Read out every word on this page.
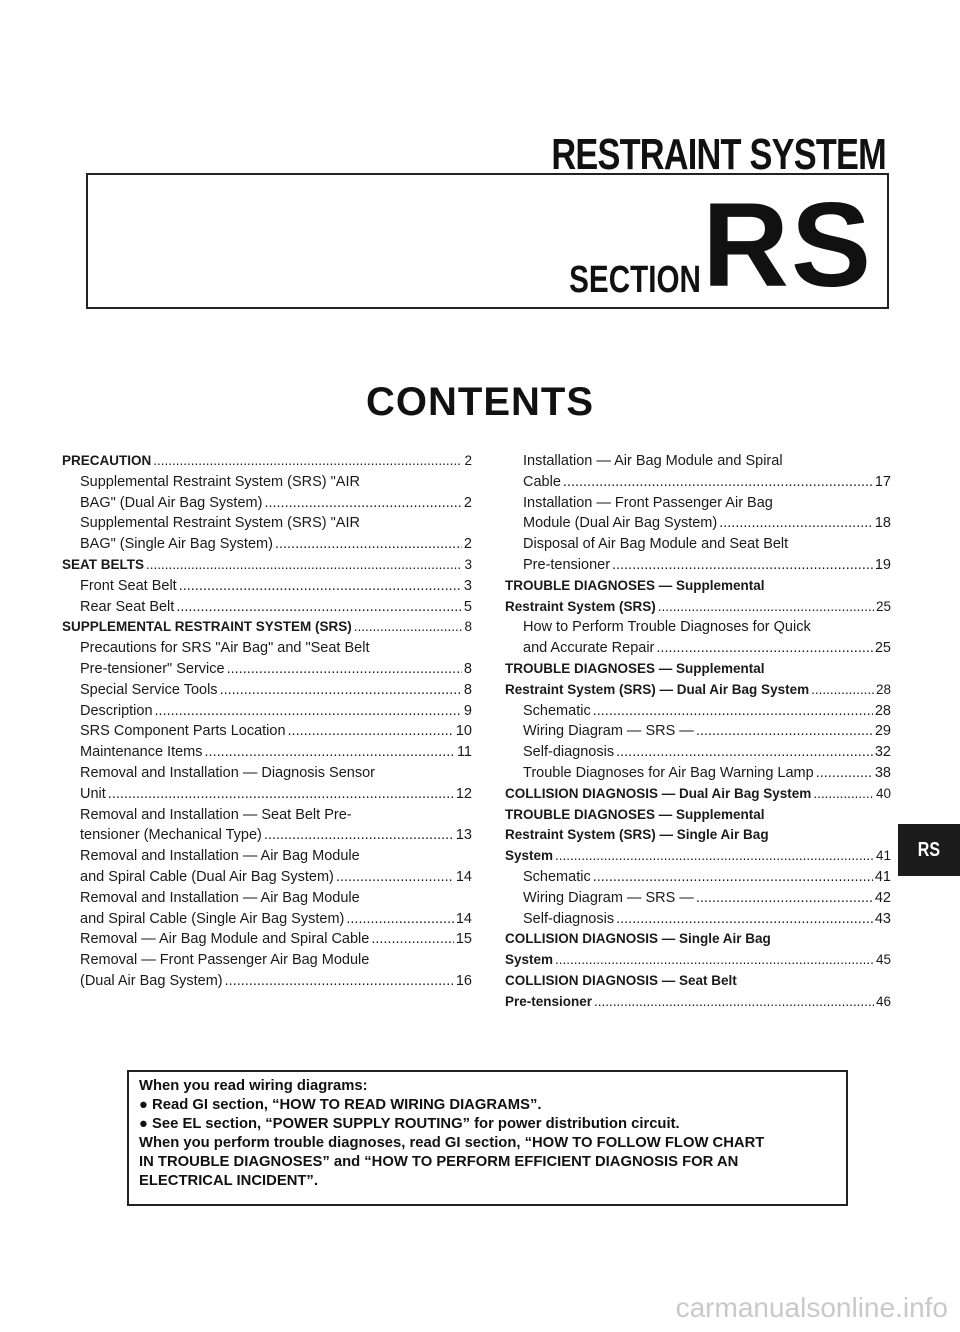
RESTRAINT SYSTEM
SECTION RS
CONTENTS
PRECAUTION .....	2
Supplemental Restraint System (SRS) "AIR
BAG" (Dual Air Bag System) .....	2
Supplemental Restraint System (SRS) "AIR
BAG" (Single Air Bag System) .....	2
SEAT BELTS .....	3
Front Seat Belt .....	3
Rear Seat Belt .....	5
SUPPLEMENTAL RESTRAINT SYSTEM (SRS) .....	8
Precautions for SRS "Air Bag" and "Seat Belt
Pre-tensioner" Service .....	8
Special Service Tools .....	8
Description .....	9
SRS Component Parts Location .....	10
Maintenance Items .....	11
Removal and Installation — Diagnosis Sensor
Unit .....	12
Removal and Installation — Seat Belt Pre-
tensioner (Mechanical Type) .....	13
Removal and Installation — Air Bag Module
and Spiral Cable (Dual Air Bag System) .....	14
Removal and Installation — Air Bag Module
and Spiral Cable (Single Air Bag System) .....	14
Removal — Air Bag Module and Spiral Cable .....	15
Removal — Front Passenger Air Bag Module
(Dual Air Bag System) .....	16
Installation — Air Bag Module and Spiral
Cable .....	17
Installation — Front Passenger Air Bag
Module (Dual Air Bag System) .....	18
Disposal of Air Bag Module and Seat Belt
Pre-tensioner .....	19
TROUBLE DIAGNOSES — Supplemental
Restraint System (SRS) .....	25
How to Perform Trouble Diagnoses for Quick
and Accurate Repair .....	25
TROUBLE DIAGNOSES — Supplemental
Restraint System (SRS) — Dual Air Bag System .....	28
Schematic .....	28
Wiring Diagram — SRS — .....	29
Self-diagnosis .....	32
Trouble Diagnoses for Air Bag Warning Lamp .....	38
COLLISION DIAGNOSIS — Dual Air Bag System .....	40
TROUBLE DIAGNOSES — Supplemental
Restraint System (SRS) — Single Air Bag
System .....	41
Schematic .....	41
Wiring Diagram — SRS — .....	42
Self-diagnosis .....	43
COLLISION DIAGNOSIS — Single Air Bag
System .....	45
COLLISION DIAGNOSIS — Seat Belt
Pre-tensioner .....	46
RS
When you read wiring diagrams:
● Read GI section, “HOW TO READ WIRING DIAGRAMS”.
● See EL section, “POWER SUPPLY ROUTING” for power distribution circuit.
When you perform trouble diagnoses, read GI section, “HOW TO FOLLOW FLOW CHART
IN TROUBLE DIAGNOSES” and “HOW TO PERFORM EFFICIENT DIAGNOSIS FOR AN
ELECTRICAL INCIDENT”.
carmanualsonline.info
